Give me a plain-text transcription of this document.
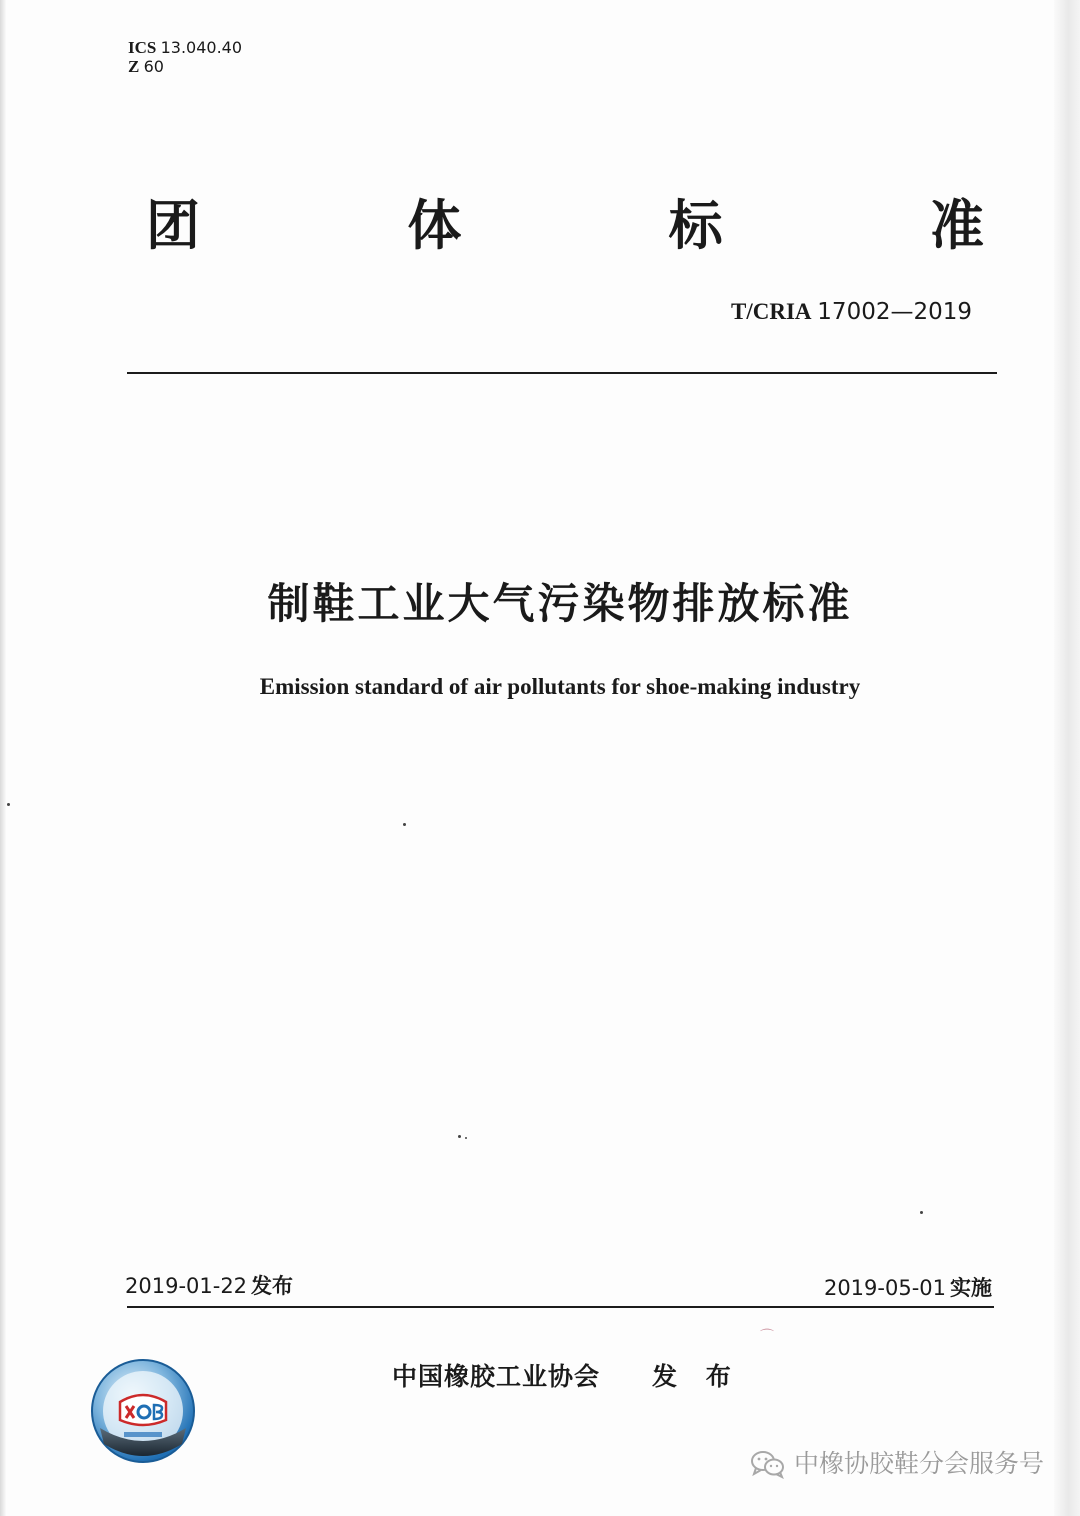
ICS 13.040.40
Z 60
团	体	标	准
T/CRIA 17002—2019
制鞋工业大气污染物排放标准
Emission standard of air pollutants for shoe-making industry
2019-01-22 发布	2019-05-01 实施
⌒
中国橡胶工业协会 发 布
中橡协胶鞋分会服务号
